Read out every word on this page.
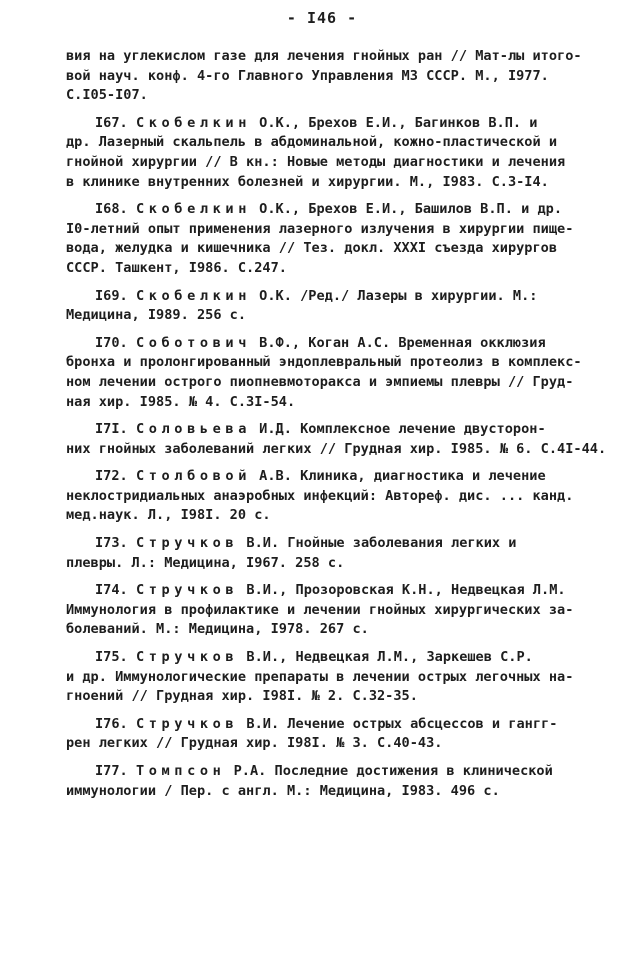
- I46 -
вия на углекислом газе для лечения гнойных ран // Мат-лы итого-
вой науч. конф. 4-го Главного Управления МЗ СССР. М., I977.
С.I05-I07.
I67. Скобелкин О.К., Брехов Е.И., Багинков В.П. и
др. Лазерный скальпель в абдоминальной, кожно-пластической и
гнойной хирургии // В кн.: Новые методы диагностики и лечения
в клинике внутренних болезней и хирургии. М., I983. С.3-I4.
I68. Скобелкин О.К., Брехов Е.И., Башилов В.П. и др.
I0-летний опыт применения лазерного излучения в хирургии пище-
вода, желудка и кишечника // Тез. докл. XXXI съезда хирургов
СССР. Ташкент, I986. С.247.
I69. Скобелкин О.К. /Ред./ Лазеры в хирургии. М.:
Медицина, I989. 256 с.
I70. Соботович В.Ф., Коган А.С. Временная окклюзия
бронха и пролонгированный эндоплевральный протеолиз в комплекс-
ном лечении острого пиопневмоторакса и эмпиемы плевры // Груд-
ная хир. I985. № 4. С.3I-54.
I7I. Соловьева И.Д. Комплексное лечение двусторон-
них гнойных заболеваний легких // Грудная хир. I985. № 6. С.4I-44.
I72. Столбовой А.В. Клиника, диагностика и лечение
неклостридиальных анаэробных инфекций: Автореф. дис. ... канд.
мед.наук. Л., I98I. 20 с.
I73. Стручков В.И. Гнойные заболевания легких и
плевры. Л.: Медицина, I967. 258 с.
I74. Стручков В.И., Прозоровская К.Н., Недвецкая Л.М.
Иммунология в профилактике и лечении гнойных хирургических за-
болеваний. М.: Медицина, I978. 267 с.
I75. Стручков В.И., Недвецкая Л.М., Заркешев С.Р.
и др. Иммунологические препараты в лечении острых легочных на-
гноений // Грудная хир. I98I. № 2. С.32-35.
I76. Стручков В.И. Лечение острых абсцессов и гангг-
рен легких // Грудная хир. I98I. № 3. С.40-43.
I77. Томпсон Р.А. Последние достижения в клинической
иммунологии / Пер. с англ. М.: Медицина, I983. 496 с.
